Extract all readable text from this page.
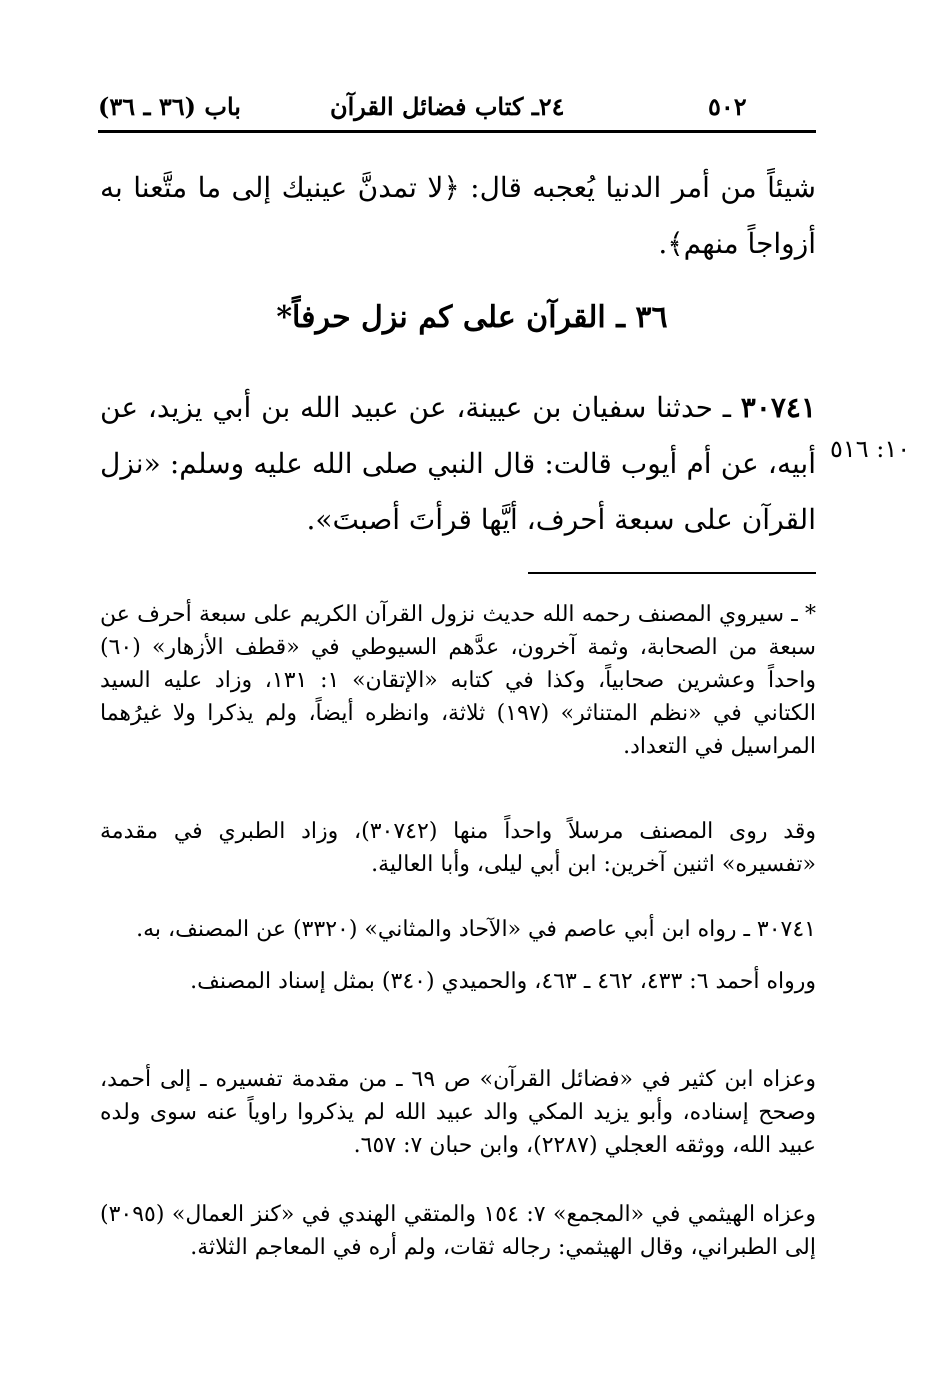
٥٠٢
٢٤ـ كتاب فضائل القرآن
باب (٣٦ ـ ٣٦)
شيئاً من أمر الدنيا يُعجبه قال: ﴿لا تمدنَّ عينيك إلى ما متَّعنا به أزواجاً منهم﴾.
٣٦ ـ القرآن على كم نزل حرفاً*
٣٠٧٤١ ـ حدثنا سفيان بن عيينة، عن عبيد الله بن أبي يزيد، عن أبيه، عن أم أيوب قالت: قال النبي صلى الله عليه وسلم: «نزل القرآن على سبعة أحرف، أيَّها قرأتَ أصبتَ».
١٠: ٥١٦
* ـ سيروي المصنف رحمه الله حديث نزول القرآن الكريم على سبعة أحرف عن سبعة من الصحابة، وثمة آخرون، عدَّهم السيوطي في «قطف الأزهار» (٦٠) واحداً وعشرين صحابياً، وكذا في كتابه «الإتقان» ١: ١٣١، وزاد عليه السيد الكتاني في «نظم المتناثر» (١٩٧) ثلاثة، وانظره أيضاً، ولم يذكرا ولا غيرُهما المراسيل في التعداد.
وقد روى المصنف مرسلاً واحداً منها (٣٠٧٤٢)، وزاد الطبري في مقدمة «تفسيره» اثنين آخرين: ابن أبي ليلى، وأبا العالية.
٣٠٧٤١ ـ رواه ابن أبي عاصم في «الآحاد والمثاني» (٣٣٢٠) عن المصنف، به.
ورواه أحمد ٦: ٤٣٣، ٤٦٢ ـ ٤٦٣، والحميدي (٣٤٠) بمثل إسناد المصنف.
وعزاه ابن كثير في «فضائل القرآن» ص ٦٩ ـ من مقدمة تفسيره ـ إلى أحمد، وصحح إسناده، وأبو يزيد المكي والد عبيد الله لم يذكروا راوياً عنه سوى ولده عبيد الله، ووثقه العجلي (٢٢٨٧)، وابن حبان ٧: ٦٥٧.
وعزاه الهيثمي في «المجمع» ٧: ١٥٤ والمتقي الهندي في «كنز العمال» (٣٠٩٥) إلى الطبراني، وقال الهيثمي: رجاله ثقات، ولم أره في المعاجم الثلاثة.
